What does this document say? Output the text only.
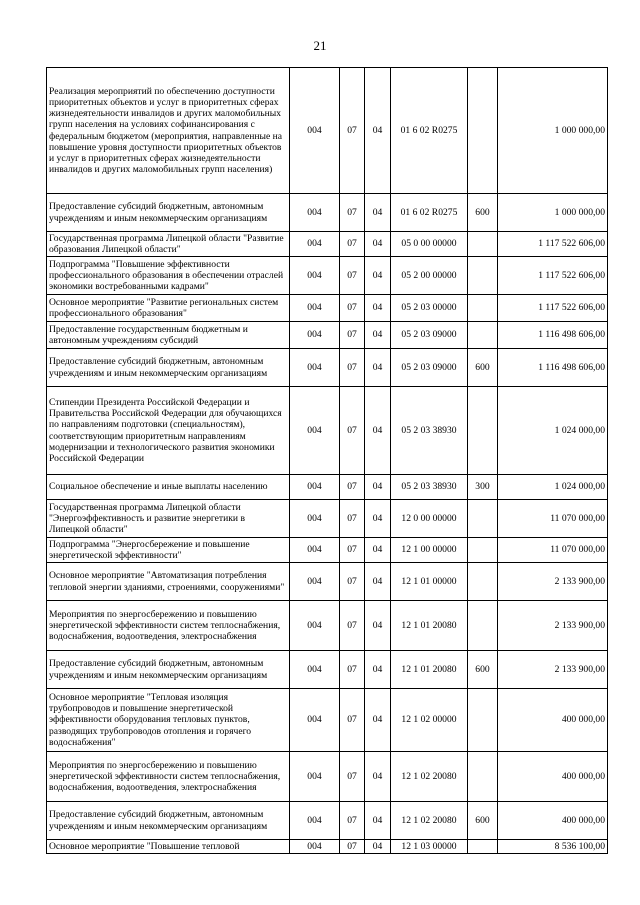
21
Реализация мероприятий по обеспечению доступности приоритетных объектов и услуг в приоритетных сферах жизнедеятельности инвалидов и других маломобильных групп населения на условиях софинансирования с федеральным бюджетом (мероприятия, направленные на повышение уровня доступности приоритетных объектов и услуг в приоритетных сферах жизнедеятельности инвалидов и других маломобильных групп населения)	004	07	04	01 6 02 R0275		1 000 000,00
Предоставление субсидий бюджетным, автономным учреждениям и иным некоммерческим организациям	004	07	04	01 6 02 R0275	600	1 000 000,00
Государственная программа Липецкой области "Развитие образования Липецкой области"	004	07	04	05 0 00 00000		1 117 522 606,00
Подпрограмма "Повышение эффективности профессионального образования в обеспечении отраслей экономики востребованными кадрами"	004	07	04	05 2 00 00000		1 117 522 606,00
Основное мероприятие "Развитие региональных систем профессионального образования"	004	07	04	05 2 03 00000		1 117 522 606,00
Предоставление государственным бюджетным и автономным учреждениям субсидий	004	07	04	05 2 03 09000		1 116 498 606,00
Предоставление субсидий бюджетным, автономным учреждениям и иным некоммерческим организациям	004	07	04	05 2 03 09000	600	1 116 498 606,00
Стипендии Президента Российской Федерации и Правительства Российской Федерации для обучающихся по направлениям подготовки (специальностям), соответствующим приоритетным направлениям модернизации и технологического развития экономики Российской Федерации	004	07	04	05 2 03 38930		1 024 000,00
Социальное обеспечение и иные выплаты населению	004	07	04	05 2 03 38930	300	1 024 000,00
Государственная программа Липецкой области "Энергоэффективность и развитие энергетики в Липецкой области"	004	07	04	12 0 00 00000		11 070 000,00
Подпрограмма "Энергосбережение и повышение энергетической эффективности"	004	07	04	12 1 00 00000		11 070 000,00
Основное мероприятие "Автоматизация потребления тепловой энергии зданиями, строениями, сооружениями"	004	07	04	12 1 01 00000		2 133 900,00
Мероприятия по энергосбережению и повышению энергетической эффективности систем теплоснабжения, водоснабжения, водоотведения, электроснабжения	004	07	04	12 1 01 20080		2 133 900,00
Предоставление субсидий бюджетным, автономным учреждениям и иным некоммерческим организациям	004	07	04	12 1 01 20080	600	2 133 900,00
Основное мероприятие "Тепловая изоляция трубопроводов и повышение энергетической эффективности оборудования тепловых пунктов, разводящих трубопроводов отопления и горячего водоснабжения"	004	07	04	12 1 02 00000		400 000,00
Мероприятия по энергосбережению и повышению энергетической эффективности систем теплоснабжения, водоснабжения, водоотведения, электроснабжения	004	07	04	12 1 02 20080		400 000,00
Предоставление субсидий бюджетным, автономным учреждениям и иным некоммерческим организациям	004	07	04	12 1 02 20080	600	400 000,00
Основное мероприятие "Повышение тепловой	004	07	04	12 1 03 00000		8 536 100,00
